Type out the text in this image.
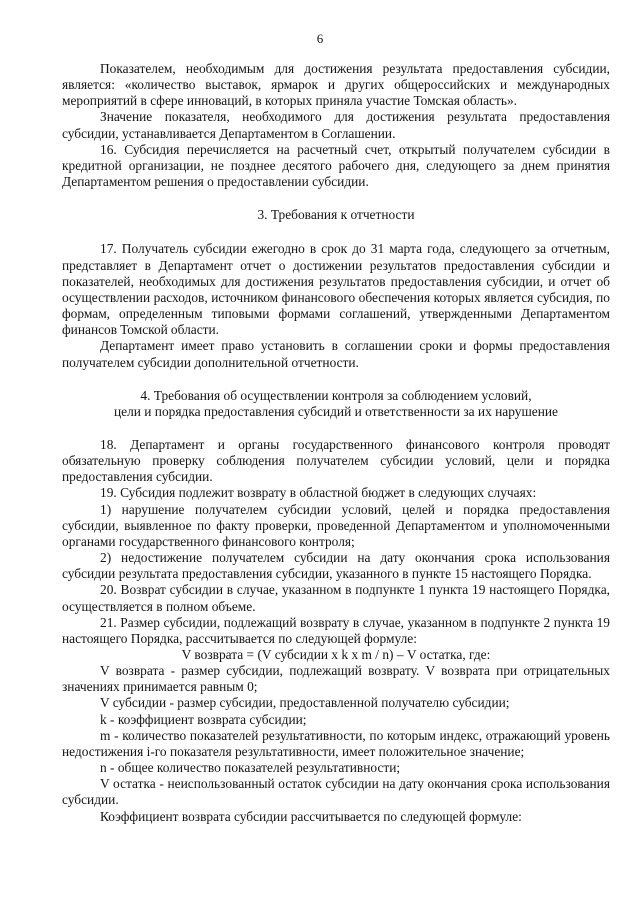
6

Показателем, необходимым для достижения результата предоставления субсидии, является: «количество выставок, ярмарок и других общероссийских и международных мероприятий в сфере инноваций, в которых приняла участие Томская область».

Значение показателя, необходимого для достижения результата предоставления субсидии, устанавливается Департаментом в Соглашении.

16. Субсидия перечисляется на расчетный счет, открытый получателем субсидии в кредитной организации, не позднее десятого рабочего дня, следующего за днем принятия Департаментом решения о предоставлении субсидии.

3. Требования к отчетности

17. Получатель субсидии ежегодно в срок до 31 марта года, следующего за отчетным, представляет в Департамент отчет о достижении результатов предоставления субсидии и показателей, необходимых для достижения результатов предоставления субсидии, и отчет об осуществлении расходов, источником финансового обеспечения которых является субсидия, по формам, определенным типовыми формами соглашений, утвержденными Департаментом финансов Томской области.

Департамент имеет право установить в соглашении сроки и формы предоставления получателем субсидии дополнительной отчетности.

4. Требования об осуществлении контроля за соблюдением условий,
цели и порядка предоставления субсидий и ответственности за их нарушение

18. Департамент и органы государственного финансового контроля проводят обязательную проверку соблюдения получателем субсидии условий, цели и порядка предоставления субсидии.

19. Субсидия подлежит возврату в областной бюджет в следующих случаях:

1) нарушение получателем субсидии условий, целей и порядка предоставления субсидии, выявленное по факту проверки, проведенной Департаментом и уполномоченными органами государственного финансового контроля;

2) недостижение получателем субсидии на дату окончания срока использования субсидии результата предоставления субсидии, указанного в пункте 15 настоящего Порядка.

20. Возврат субсидии в случае, указанном в подпункте 1 пункта 19 настоящего Порядка, осуществляется в полном объеме.

21. Размер субсидии, подлежащий возврату в случае, указанном в подпункте 2 пункта 19 настоящего Порядка, рассчитывается по следующей формуле:

V возврата = (V субсидии x k x m / n) – V остатка, где:

V возврата - размер субсидии, подлежащий возврату. V возврата при отрицательных значениях принимается равным 0;

V субсидии - размер субсидии, предоставленной получателю субсидии;

k - коэффициент возврата субсидии;

m - количество показателей результативности, по которым индекс, отражающий уровень недостижения i-го показателя результативности, имеет положительное значение;

n - общее количество показателей результативности;

V остатка - неиспользованный остаток субсидии на дату окончания срока использования субсидии.

Коэффициент возврата субсидии рассчитывается по следующей формуле:
